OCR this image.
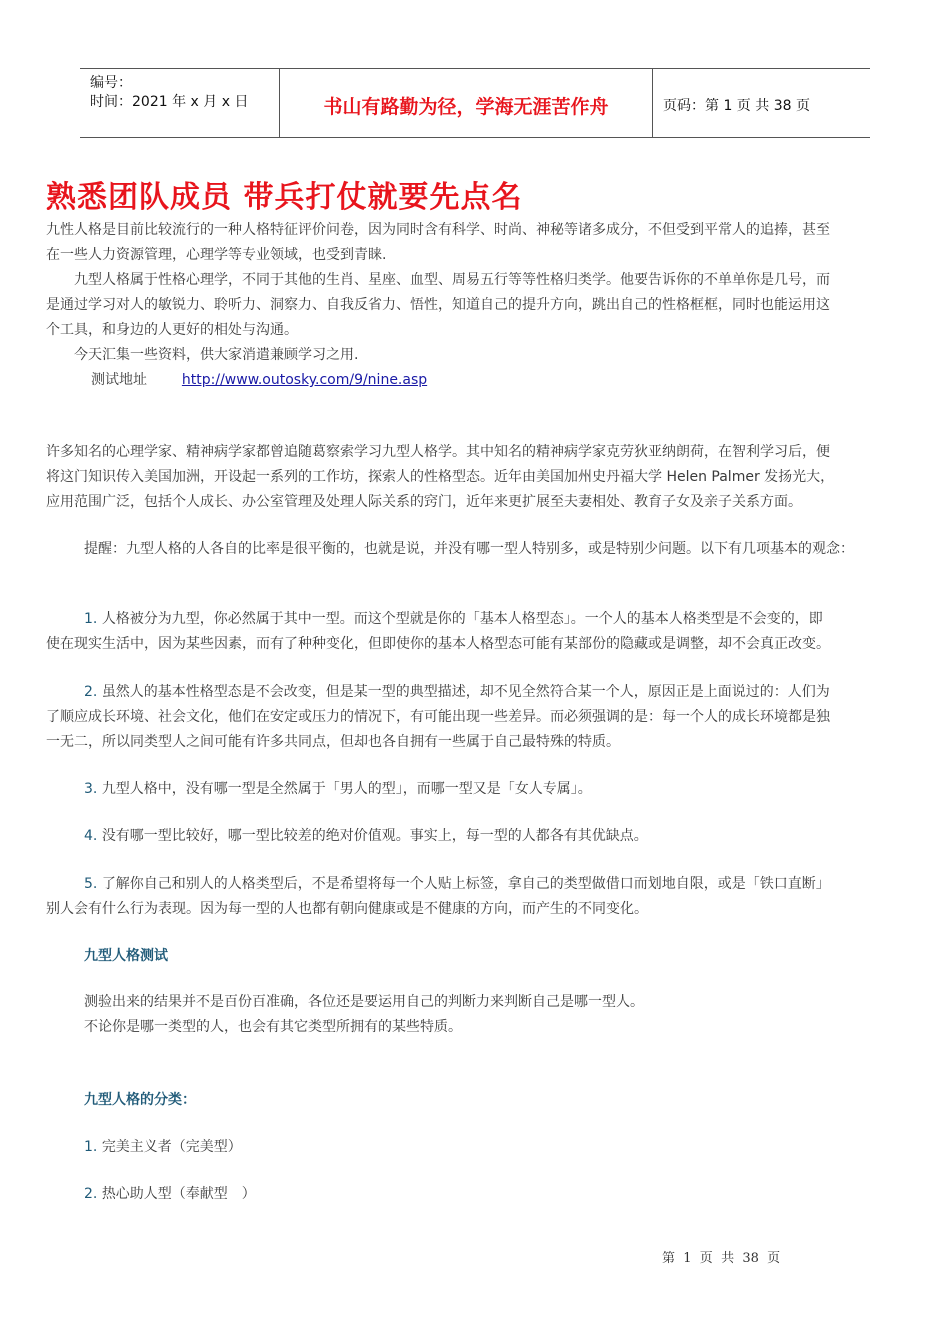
编号：
时间：2021 年 x 月 x 日	书山有路勤为径，学海无涯苦作舟	页码：第 1 页 共 38 页
熟悉团队成员 带兵打仗就要先点名
九性人格是目前比较流行的一种人格特征评价问卷，因为同时含有科学、时尚、神秘等诸多成分，不但受到平常人的追捧，甚至
在一些人力资源管理，心理学等专业领域，也受到青睐.
　　九型人格属于性格心理学，不同于其他的生肖、星座、血型、周易五行等等性格归类学。他要告诉你的不单单你是几号，而
是通过学习对人的敏锐力、聆听力、洞察力、自我反省力、悟性，知道自己的提升方向，跳出自己的性格框框，同时也能运用这
个工具，和身边的人更好的相处与沟通。
　　今天汇集一些资料，供大家消遣兼顾学习之用.
测试地址 http://www.outosky.com/9/nine.asp
许多知名的心理学家、精神病学家都曾追随葛察索学习九型人格学。其中知名的精神病学家克劳狄亚纳朗荷，在智利学习后，便
将这门知识传入美国加洲，开设起一系列的工作坊，探索人的性格型态。近年由美国加州史丹福大学 Helen Palmer 发扬光大，
应用范围广泛，包括个人成长、办公室管理及处理人际关系的窍门，近年来更扩展至夫妻相处、教育子女及亲子关系方面。
提醒：九型人格的人各自的比率是很平衡的，也就是说，并没有哪一型人特别多，或是特别少问题。以下有几项基本的观念：
1. 人格被分为九型，你必然属于其中一型。而这个型就是你的「基本人格型态」。一个人的基本人格类型是不会变的，即
使在现实生活中，因为某些因素，而有了种种变化，但即使你的基本人格型态可能有某部份的隐藏或是调整，却不会真正改变。
2. 虽然人的基本性格型态是不会改变，但是某一型的典型描述，却不见全然符合某一个人，原因正是上面说过的：人们为
了顺应成长环境、社会文化，他们在安定或压力的情况下，有可能出现一些差异。而必须强调的是：每一个人的成长环境都是独
一无二，所以同类型人之间可能有许多共同点，但却也各自拥有一些属于自己最特殊的特质。
3. 九型人格中，没有哪一型是全然属于「男人的型」，而哪一型又是「女人专属」。
4. 没有哪一型比较好，哪一型比较差的绝对价值观。事实上，每一型的人都各有其优缺点。
5. 了解你自己和别人的人格类型后，不是希望将每一个人贴上标签，拿自己的类型做借口而划地自限，或是「铁口直断」
别人会有什么行为表现。因为每一型的人也都有朝向健康或是不健康的方向，而产生的不同变化。
九型人格测试
测验出来的结果并不是百份百准确，各位还是要运用自己的判断力来判断自己是哪一型人。
不论你是哪一类型的人，也会有其它类型所拥有的某些特质。
九型人格的分类：
1. 完美主义者（完美型）
2. 热心助人型（奉献型　）
第  1  页  共  38  页
